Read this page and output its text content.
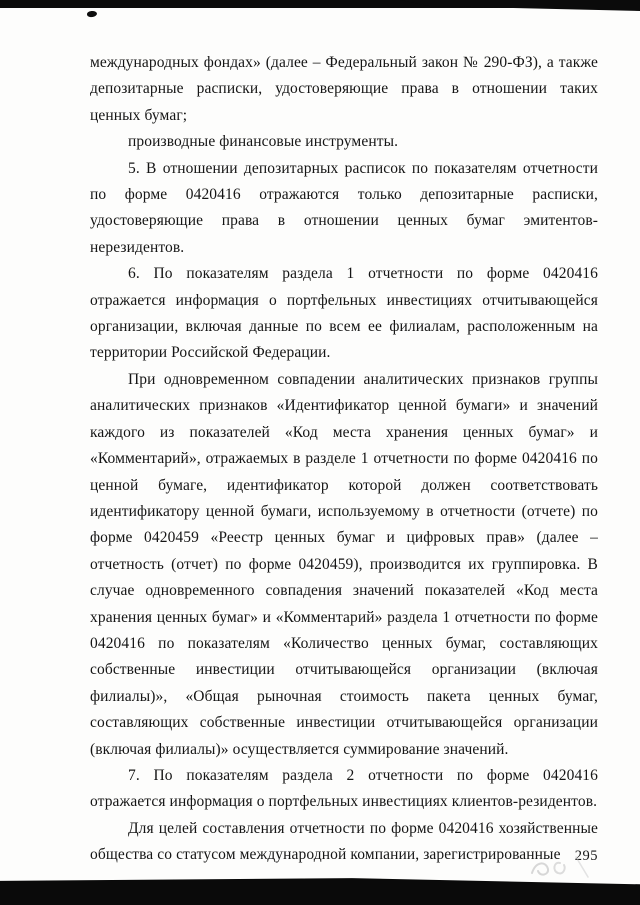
международных фондах» (далее – Федеральный закон № 290-ФЗ), а также депозитарные расписки, удостоверяющие права в отношении таких ценных бумаг;

производные финансовые инструменты.

5. В отношении депозитарных расписок по показателям отчетности по форме 0420416 отражаются только депозитарные расписки, удостоверяющие права в отношении ценных бумаг эмитентов-нерезидентов.

6. По показателям раздела 1 отчетности по форме 0420416 отражается информация о портфельных инвестициях отчитывающейся организации, включая данные по всем ее филиалам, расположенным на территории Российской Федерации.

При одновременном совпадении аналитических признаков группы аналитических признаков «Идентификатор ценной бумаги» и значений каждого из показателей «Код места хранения ценных бумаг» и «Комментарий», отражаемых в разделе 1 отчетности по форме 0420416 по ценной бумаге, идентификатор которой должен соответствовать идентификатору ценной бумаги, используемому в отчетности (отчете) по форме 0420459 «Реестр ценных бумаг и цифровых прав» (далее – отчетность (отчет) по форме 0420459), производится их группировка. В случае одновременного совпадения значений показателей «Код места хранения ценных бумаг» и «Комментарий» раздела 1 отчетности по форме 0420416 по показателям «Количество ценных бумаг, составляющих собственные инвестиции отчитывающейся организации (включая филиалы)», «Общая рыночная стоимость пакета ценных бумаг, составляющих собственные инвестиции отчитывающейся организации (включая филиалы)» осуществляется суммирование значений.

7. По показателям раздела 2 отчетности по форме 0420416 отражается информация о портфельных инвестициях клиентов-резидентов.

Для целей составления отчетности по форме 0420416 хозяйственные общества со статусом международной компании, зарегистрированные 295
